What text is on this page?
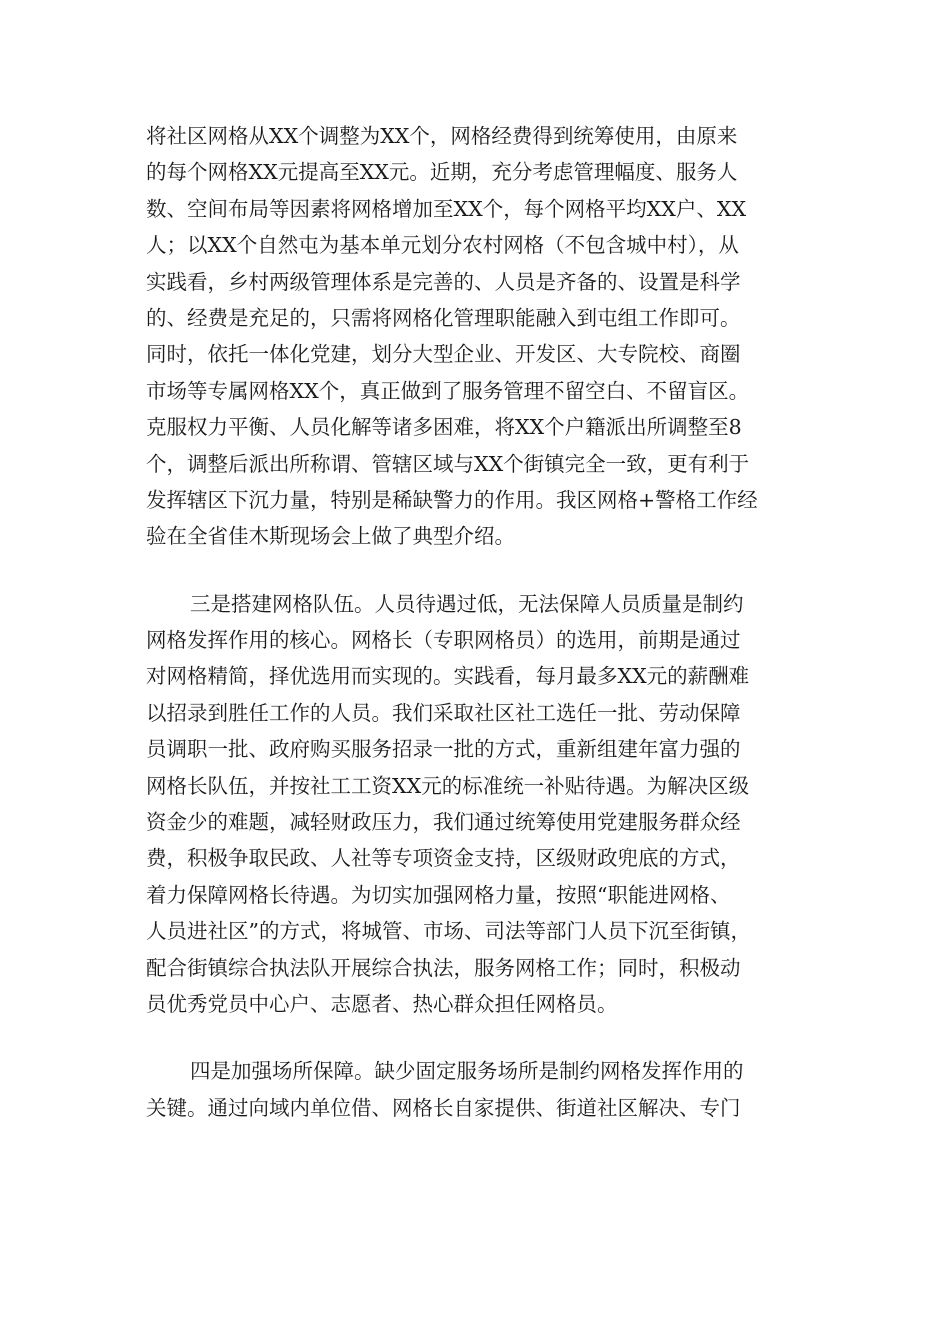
将社区网格从XX个调整为XX个，网格经费得到统筹使用，由原来
的每个网格XX元提高至XX元。近期，充分考虑管理幅度、服务人
数、空间布局等因素将网格增加至XX个，每个网格平均XX户、XX
人；以XX个自然屯为基本单元划分农村网格（不包含城中村），从
实践看，乡村两级管理体系是完善的、人员是齐备的、设置是科学
的、经费是充足的，只需将网格化管理职能融入到屯组工作即可。
同时，依托一体化党建，划分大型企业、开发区、大专院校、商圈
市场等专属网格XX个，真正做到了服务管理不留空白、不留盲区。
克服权力平衡、人员化解等诸多困难，将XX个户籍派出所调整至8
个，调整后派出所称谓、管辖区域与XX个街镇完全一致，更有利于
发挥辖区下沉力量，特别是稀缺警力的作用。我区网格+警格工作经
验在全省佳木斯现场会上做了典型介绍。
三是搭建网格队伍。人员待遇过低，无法保障人员质量是制约
网格发挥作用的核心。网格长（专职网格员）的选用，前期是通过
对网格精简，择优选用而实现的。实践看，每月最多XX元的薪酬难
以招录到胜任工作的人员。我们采取社区社工选任一批、劳动保障
员调职一批、政府购买服务招录一批的方式，重新组建年富力强的
网格长队伍，并按社工工资XX元的标准统一补贴待遇。为解决区级
资金少的难题，减轻财政压力，我们通过统筹使用党建服务群众经
费，积极争取民政、人社等专项资金支持，区级财政兜底的方式，
着力保障网格长待遇。为切实加强网格力量，按照“职能进网格、
人员进社区”的方式，将城管、市场、司法等部门人员下沉至街镇，
配合街镇综合执法队开展综合执法，服务网格工作；同时，积极动
员优秀党员中心户、志愿者、热心群众担任网格员。
四是加强场所保障。缺少固定服务场所是制约网格发挥作用的
关键。通过向域内单位借、网格长自家提供、街道社区解决、专门
